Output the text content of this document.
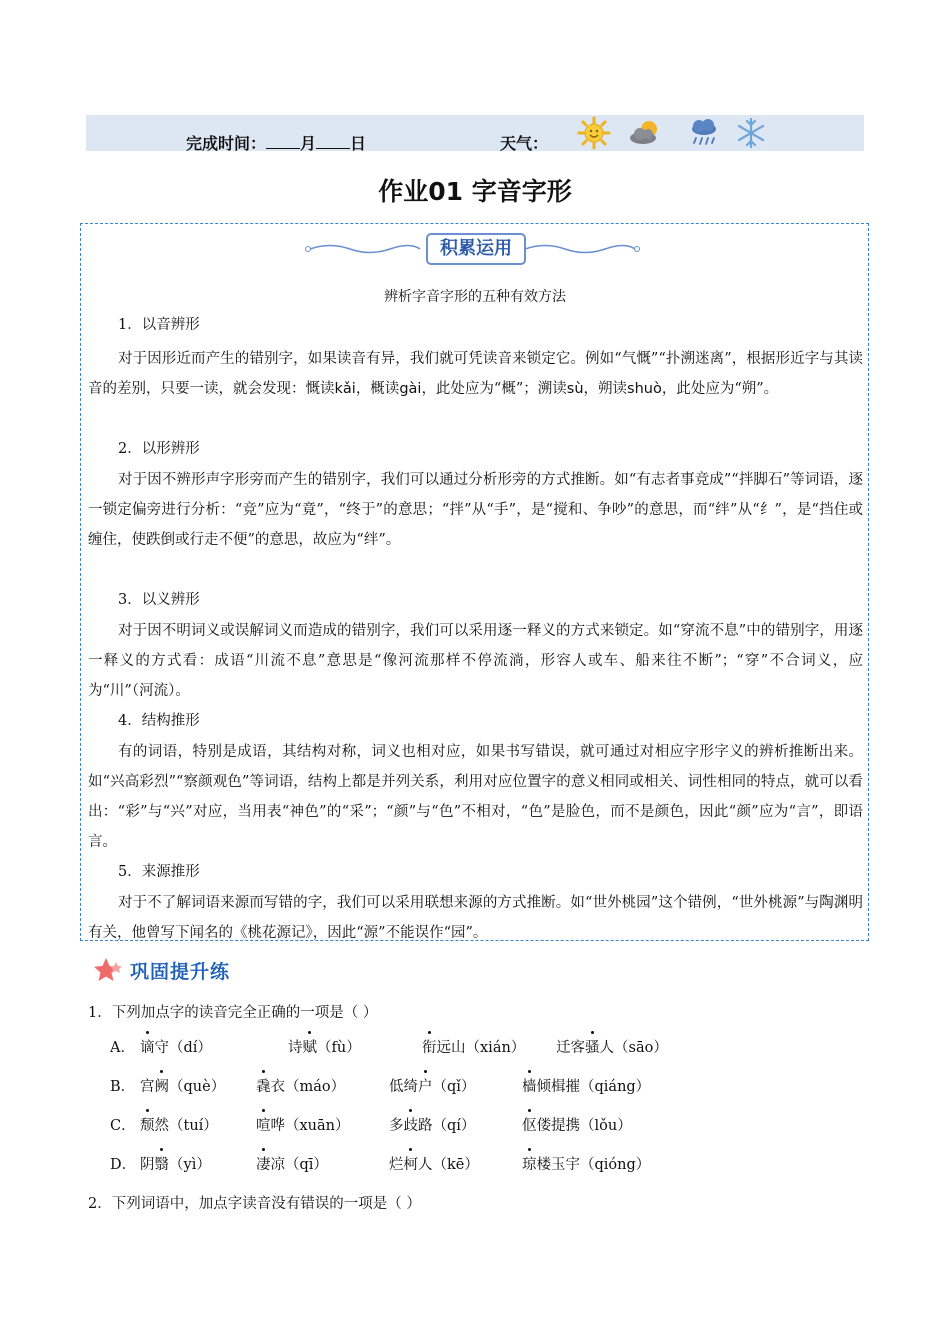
完成时间： 月 日	天气：
作业01 字音字形
积累运用
辨析字音字形的五种有效方法
1．以音辨形
对于因形近而产生的错别字，如果读音有异，我们就可凭读音来锁定它。例如“气慨”“扑溯迷离”，根据形近字与其读音的差别，只要一读，就会发现：慨读kǎi，概读gài，此处应为“概”；溯读sù，朔读shuò，此处应为“朔”。
2．以形辨形
对于因不辨形声字形旁而产生的错别字，我们可以通过分析形旁的方式推断。如“有志者事竞成”“拌脚石”等词语，逐一锁定偏旁进行分析：“竞”应为“竟”，“终于”的意思；“拌”从“手”，是“搅和、争吵”的意思，而“绊”从“纟”，是“挡住或缠住，使跌倒或行走不便”的意思，故应为“绊”。
3．以义辨形
对于因不明词义或误解词义而造成的错别字，我们可以采用逐一释义的方式来锁定。如“穿流不息”中的错别字，用逐一释义的方式看：成语“川流不息”意思是“像河流那样不停流淌，形容人或车、船来往不断”；“穿”不合词义，应为“川”（河流）。
4．结构推形
有的词语，特别是成语，其结构对称，词义也相对应，如果书写错误，就可通过对相应字形字义的辨析推断出来。如“兴高彩烈”“察颜观色”等词语，结构上都是并列关系，利用对应位置字的意义相同或相关、词性相同的特点，就可以看出：“彩”与“兴”对应，当用表“神色”的“采”；“颜”与“色”不相对，“色”是脸色，而不是颜色，因此“颜”应为“言”，即语言。
5．来源推形
对于不了解词语来源而写错的字，我们可以采用联想来源的方式推断。如“世外桃园”这个错例，“世外桃源”与陶渊明有关，他曾写下闻名的《桃花源记》，因此“源”不能误作“园”。
巩固提升练
1．下列加点字的读音完全正确的一项是（ ）
A． 谪守（dí）	诗赋（fù）	衔远山（xián） 迁客骚人（sāo）
B． 宫阙（què） 毳衣（máo）	低绮户（qǐ）	樯倾楫摧（qiáng）
C． 颓然（tuí）	喧哗（xuān）	多歧路（qí）	伛偻提携（lǒu）
D． 阴翳（yì）	凄凉（qī）	烂柯人（kē）	琼楼玉宇（qióng）
2．下列词语中，加点字读音没有错误的一项是（ ）
